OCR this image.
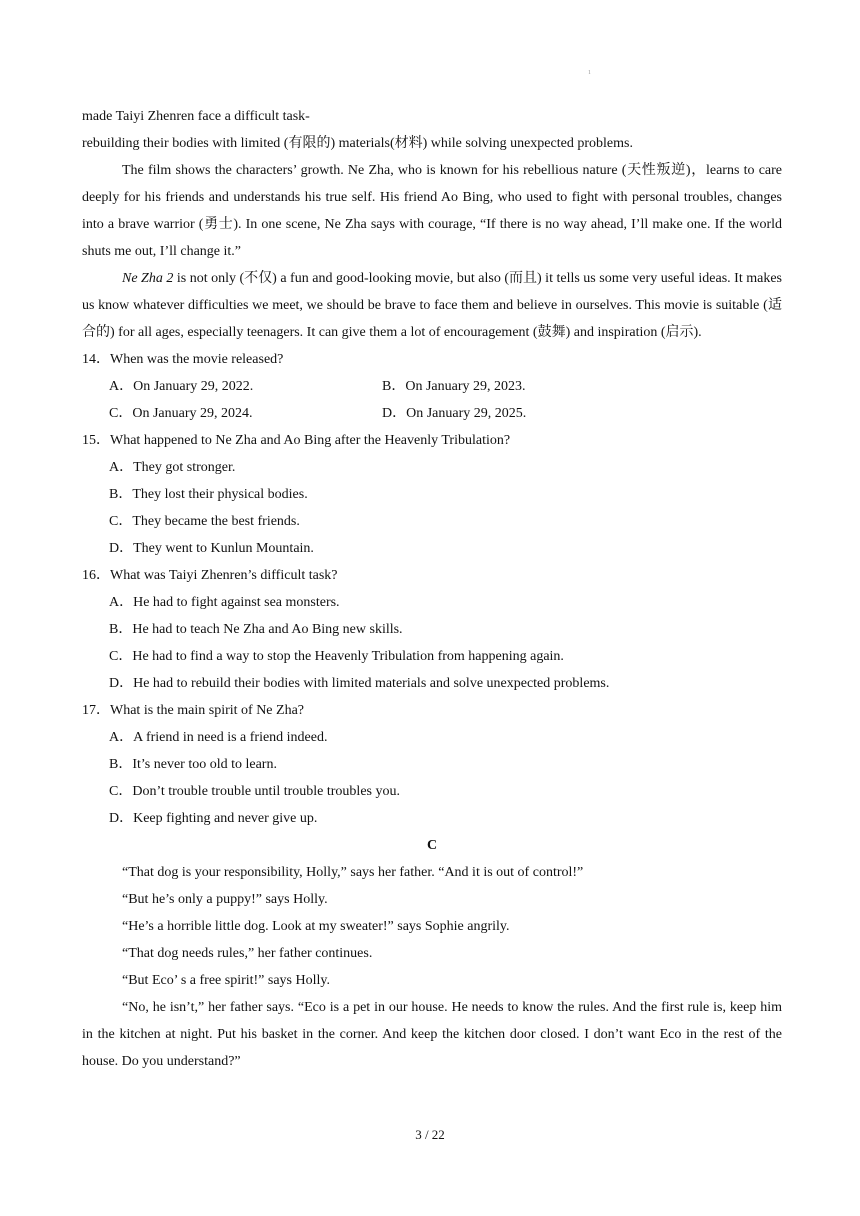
1
made Taiyi Zhenren face a difficult task-
rebuilding their bodies with limited (有限的) materials(材料) while solving unexpected problems.
The film shows the characters’ growth. Ne Zha, who is known for his rebellious nature (天性叛逆)，learns to care deeply for his friends and understands his true self. His friend Ao Bing, who used to fight with personal troubles, changes into a brave warrior (勇士). In one scene, Ne Zha says with courage, “If there is no way ahead, I’ll make one. If the world shuts me out, I’ll change it.”
Ne Zha 2 is not only (不仅) a fun and good-looking movie, but also (而且) it tells us some very useful ideas. It makes us know whatever difficulties we meet, we should be brave to face them and believe in ourselves. This movie is suitable (适合的) for all ages, especially teenagers. It can give them a lot of encouragement (鼓舞) and inspiration (启示).
14．When was the movie released?
A．On January 29, 2022.	B．On January 29, 2023.
C．On January 29, 2024.	D．On January 29, 2025.
15．What happened to Ne Zha and Ao Bing after the Heavenly Tribulation?
A．They got stronger.
B．They lost their physical bodies.
C．They became the best friends.
D．They went to Kunlun Mountain.
16．What was Taiyi Zhenren’s difficult task?
A．He had to fight against sea monsters.
B．He had to teach Ne Zha and Ao Bing new skills.
C．He had to find a way to stop the Heavenly Tribulation from happening again.
D．He had to rebuild their bodies with limited materials and solve unexpected problems.
17．What is the main spirit of Ne Zha?
A．A friend in need is a friend indeed.
B．It’s never too old to learn.
C．Don’t trouble trouble until trouble troubles you.
D．Keep fighting and never give up.
C
“That dog is your responsibility, Holly,” says her father. “And it is out of control!”
“But he’s only a puppy!” says Holly.
“He’s a horrible little dog. Look at my sweater!” says Sophie angrily.
“That dog needs rules,” her father continues.
“But Eco’ s a free spirit!” says Holly.
“No, he isn’t,” her father says. “Eco is a pet in our house. He needs to know the rules. And the first rule is, keep him in the kitchen at night. Put his basket in the corner. And keep the kitchen door closed. I don’t want Eco in the rest of the house. Do you understand?”
3 / 22
